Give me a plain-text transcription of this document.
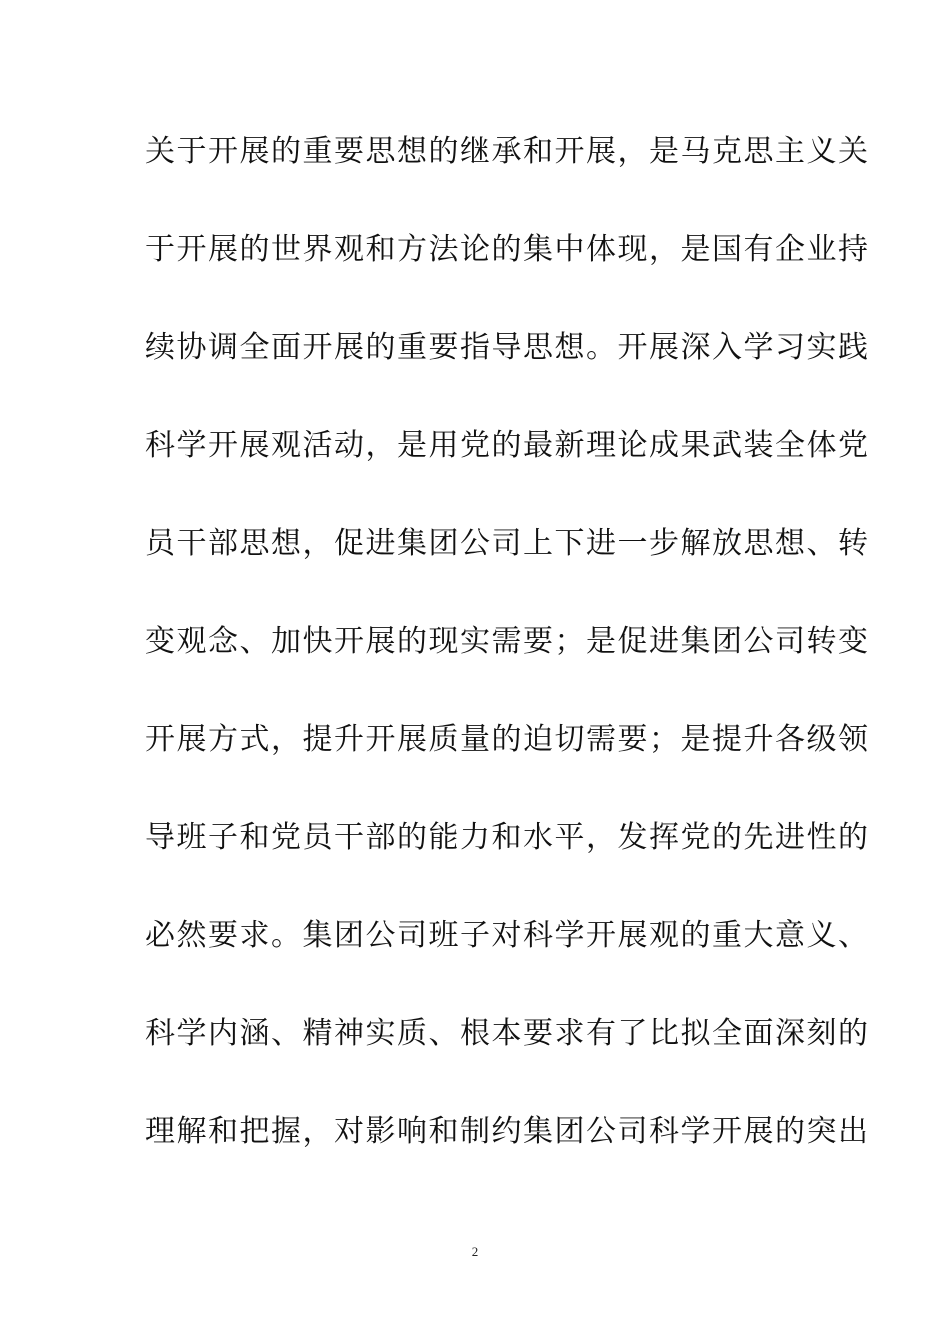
关于开展的重要思想的继承和开展，是马克思主义关
于开展的世界观和方法论的集中体现，是国有企业持
续协调全面开展的重要指导思想。开展深入学习实践
科学开展观活动，是用党的最新理论成果武装全体党
员干部思想，促进集团公司上下进一步解放思想、转
变观念、加快开展的现实需要；是促进集团公司转变
开展方式，提升开展质量的迫切需要；是提升各级领
导班子和党员干部的能力和水平，发挥党的先进性的
必然要求。集团公司班子对科学开展观的重大意义、
科学内涵、精神实质、根本要求有了比拟全面深刻的
理解和把握，对影响和制约集团公司科学开展的突出
2
